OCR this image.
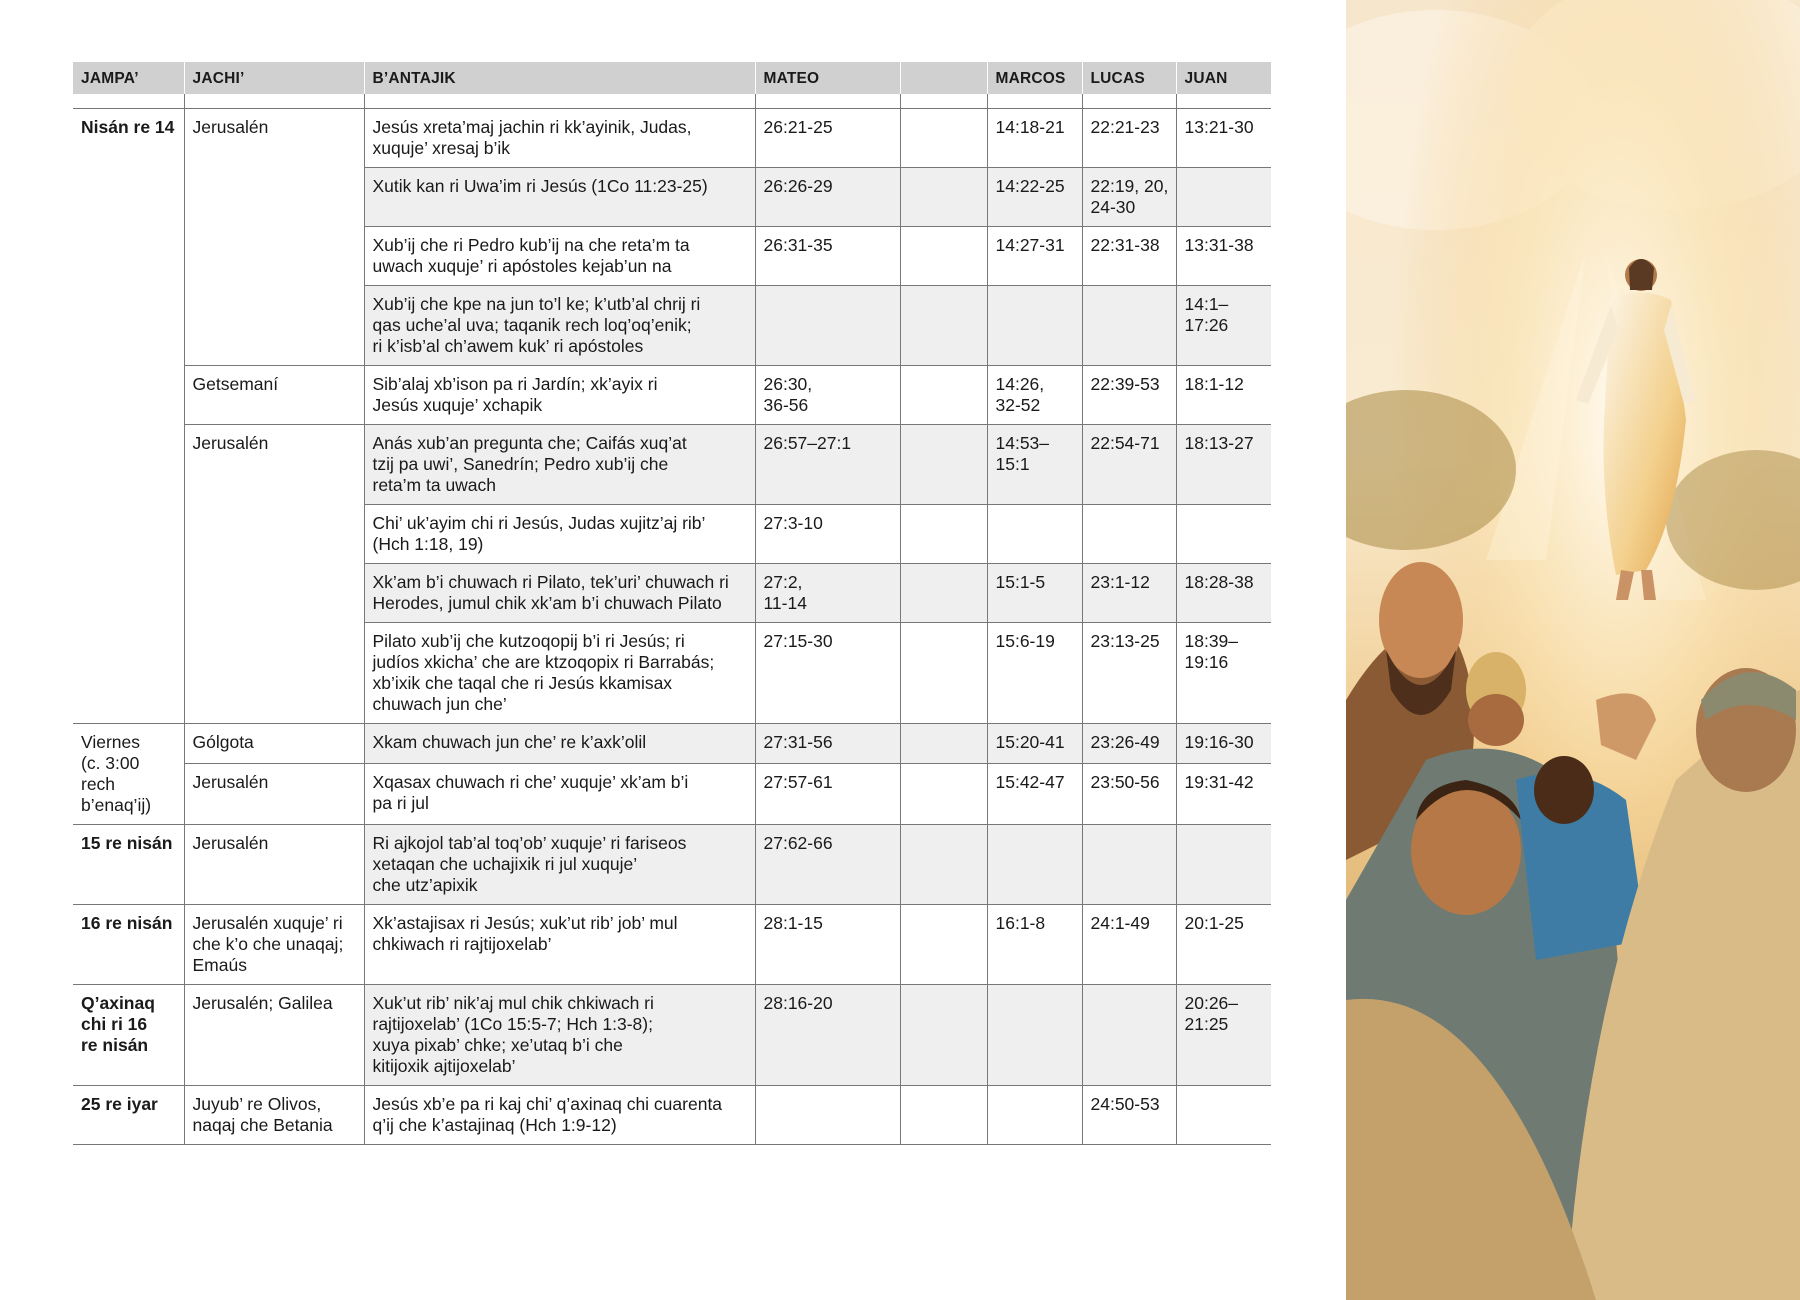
JAMPA’	JACHI’	B’ANTAJIK	MATEO		MARCOS	LUCAS	JUAN

Nisán re 14	Jerusalén	Jesús xreta’maj jachin ri kk’ayinik, Judas,
xuquje’ xresaj b’ik	26:21-25		14:18-21	22:21-23	13:21-30
		Xutik kan ri Uwa’im ri Jesús (1Co 11:23-25)	26:26-29		14:22-25	22:19, 20,
24-30	
		Xub’ij che ri Pedro kub’ij na che reta’m ta
uwach xuquje’ ri apóstoles kejab’un na	26:31-35		14:27-31	22:31-38	13:31-38
		Xub’ij che kpe na jun to’l ke; k’utb’al chrij ri
qas uche’al uva; taqanik rech loq’oq’enik;
ri k’isb’al ch’awem kuk’ ri apóstoles					14:1–
17:26
	Getsemaní	Sib’alaj xb’ison pa ri Jardín; xk’ayix ri
Jesús xuquje’ xchapik	26:30,
36-56		14:26,
32-52	22:39-53	18:1-12
	Jerusalén	Anás xub’an pregunta che; Caifás xuq’at
tzij pa uwi’, Sanedrín; Pedro xub’ij che
reta’m ta uwach	26:57–27:1		14:53–
15:1	22:54-71	18:13-27
		Chi’ uk’ayim chi ri Jesús, Judas xujitz’aj rib’
(Hch 1:18, 19)	27:3-10				
		Xk’am b’i chuwach ri Pilato, tek’uri’ chuwach ri
Herodes, jumul chik xk’am b’i chuwach Pilato	27:2,
11-14		15:1-5	23:1-12	18:28-38
		Pilato xub’ij che kutzoqopij b’i ri Jesús; ri
judíos xkicha’ che are ktzoqopix ri Barrabás;
xb’ixik che taqal che ri Jesús kkamisax
chuwach jun che’	27:15-30		15:6-19	23:13-25	18:39–
19:16
Viernes
(c. 3:00
rech
b’enaq’ij)	Gólgota	Xkam chuwach jun che’ re k’axk’olil	27:31-56		15:20-41	23:26-49	19:16-30
	Jerusalén	Xqasax chuwach ri che’ xuquje’ xk’am b’i
pa ri jul	27:57-61		15:42-47	23:50-56	19:31-42
15 re nisán	Jerusalén	Ri ajkojol tab’al toq’ob’ xuquje’ ri fariseos
xetaqan che uchajixik ri jul xuquje’
che utz’apixik	27:62-66				
16 re nisán	Jerusalén xuquje’ ri
che k’o che unaqaj;
Emaús	Xk’astajisax ri Jesús; xuk’ut rib’ job’ mul
chkiwach ri rajtijoxelab’	28:1-15		16:1-8	24:1-49	20:1-25
Q’axinaq
chi ri 16
re nisán	Jerusalén; Galilea	Xuk’ut rib’ nik’aj mul chik chkiwach ri
rajtijoxelab’ (1Co 15:5-7; Hch 1:3-8);
xuya pixab’ chke; xe’utaq b’i che
kitijoxik ajtijoxelab’	28:16-20				20:26–
21:25
25 re iyar	Juyub’ re Olivos,
naqaj che Betania	Jesús xb’e pa ri kaj chi’ q’axinaq chi cuarenta
q’ij che k’astajinaq (Hch 1:9-12)				24:50-53	
